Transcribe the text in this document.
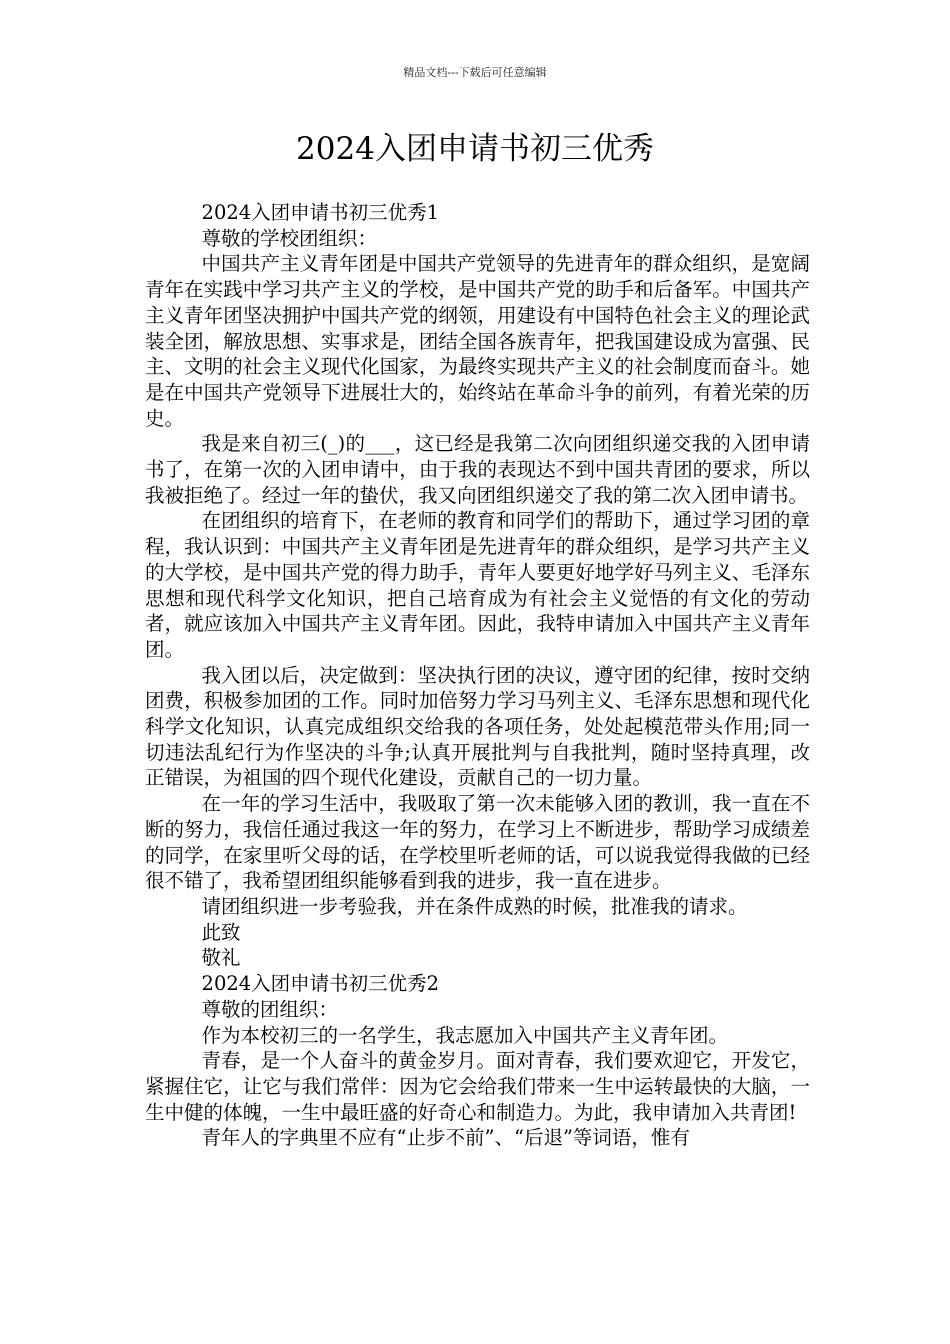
精品文档---下载后可任意编辑
2024入团申请书初三优秀

2024入团申请书初三优秀1

尊敬的学校团组织：

中国共产主义青年团是中国共产党领导的先进青年的群众组织，是宽阔青年在实践中学习共产主义的学校，是中国共产党的助手和后备军。中国共产主义青年团坚决拥护中国共产党的纲领，用建设有中国特色社会主义的理论武装全团，解放思想、实事求是，团结全国各族青年，把我国建设成为富强、民主、文明的社会主义现代化国家，为最终实现共产主义的社会制度而奋斗。她是在中国共产党领导下进展壮大的，始终站在革命斗争的前列，有着光荣的历史。

我是来自初三(_)的___，这已经是我第二次向团组织递交我的入团申请书了，在第一次的入团申请中，由于我的表现达不到中国共青团的要求，所以我被拒绝了。经过一年的蛰伏，我又向团组织递交了我的第二次入团申请书。

在团组织的培育下，在老师的教育和同学们的帮助下，通过学习团的章程，我认识到：中国共产主义青年团是先进青年的群众组织，是学习共产主义的大学校，是中国共产党的得力助手，青年人要更好地学好马列主义、毛泽东思想和现代科学文化知识，把自己培育成为有社会主义觉悟的有文化的劳动者，就应该加入中国共产主义青年团。因此，我特申请加入中国共产主义青年团。

我入团以后，决定做到：坚决执行团的决议，遵守团的纪律，按时交纳团费，积极参加团的工作。同时加倍努力学习马列主义、毛泽东思想和现代化科学文化知识，认真完成组织交给我的各项任务，处处起模范带头作用;同一切违法乱纪行为作坚决的斗争;认真开展批判与自我批判，随时坚持真理，改正错误，为祖国的四个现代化建设，贡献自己的一切力量。

在一年的学习生活中，我吸取了第一次未能够入团的教训，我一直在不断的努力，我信任通过我这一年的努力，在学习上不断进步，帮助学习成绩差的同学，在家里听父母的话，在学校里听老师的话，可以说我觉得我做的已经很不错了，我希望团组织能够看到我的进步，我一直在进步。

请团组织进一步考验我，并在条件成熟的时候，批准我的请求。

此致

敬礼

2024入团申请书初三优秀2

尊敬的团组织：

作为本校初三的一名学生，我志愿加入中国共产主义青年团。

青春，是一个人奋斗的黄金岁月。面对青春，我们要欢迎它，开发它，紧握住它，让它与我们常伴：因为它会给我们带来一生中运转最快的大脑，一生中健的体魄，一生中最旺盛的好奇心和制造力。为此，我申请加入共青团!

青年人的字典里不应有“止步不前”、“后退”等词语，惟有
